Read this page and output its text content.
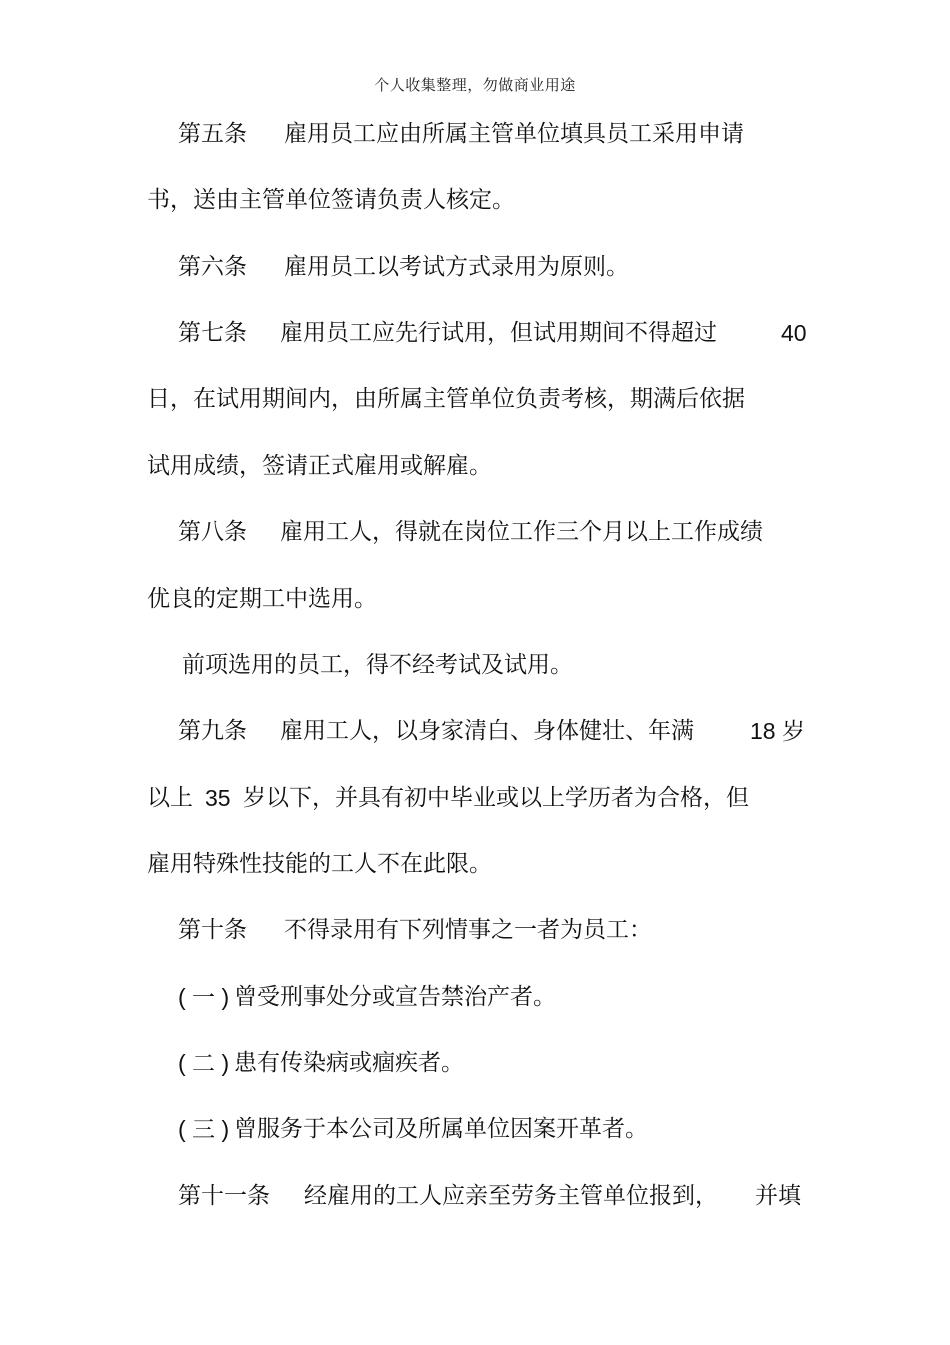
个人收集整理，勿做商业用途
第五条 雇用员工应由所属主管单位填具员工采用申请
书，送由主管单位签请负责人核定。
第六条 雇用员工以考试方式录用为原则。
第七条 雇用员工应先行试用，但试用期间不得超过	40
日，在试用期间内，由所属主管单位负责考核，期满后依据
试用成绩，签请正式雇用或解雇。
第八条 雇用工人，得就在岗位工作三个月以上工作成绩
优良的定期工中选用。
前项选用的员工，得不经考试及试用。
第九条 雇用工人，以身家清白、身体健壮、年满 18 岁
以上 35 岁以下，并具有初中毕业或以上学历者为合格，但
雇用特殊性技能的工人不在此限。
第十条 不得录用有下列情事之一者为员工：
( 一 ) 曾受刑事处分或宣告禁治产者。
( 二 ) 患有传染病或痼疾者。
( 三 ) 曾服务于本公司及所属单位因案开革者。
第十一条 经雇用的工人应亲至劳务主管单位报到， 并填
